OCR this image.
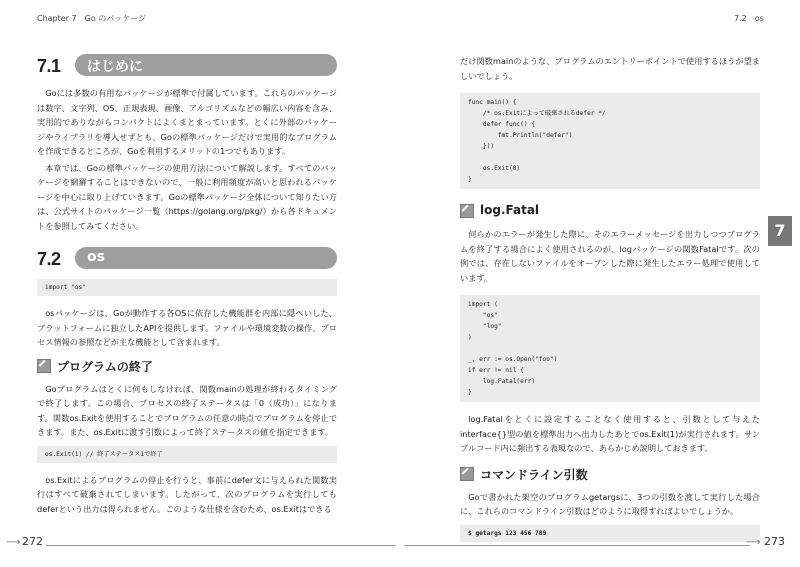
Chapter 7　Go のパッケージ	7.2　os
7.1 はじめに

Goには多数の有用なパッケージが標準で付属しています。これらのパッケージは数字、文字列、OS、正規表現、画像、アルゴリズムなどの幅広い内容を含み、実用的でありながらコンパクトによくまとまっています。とくに外部のパッケージやライブラリを導入せずとも、Goの標準パッケージだけで実用的なプログラムを作成できるところが、Goを利用するメリットの1つでもあります。

本章では、Goの標準パッケージの使用方法について解説します。すべてのパッケージを網羅することはできないので、一般に利用頻度が高いと思われるパッケージを中心に取り上げていきます。Goの標準パッケージ全体について知りたい方は、公式サイトのパッケージ一覧（https://golang.org/pkg/）から各ドキュメントを参照してみてください。

7.2 os
import "os"

osパッケージは、Goが動作する各OSに依存した機能群を内部に隠ぺいした、プラットフォームに独立したAPIを提供します。ファイルや環境変数の操作、プロセス情報の参照などが主な機能として含まれます。

プログラムの終了

Goプログラムはとくに何もしなければ、関数mainの処理が終わるタイミングで終了します。この場合、プロセスの終了ステータスは「0（成功）」になります。関数os.Exitを使用することでプログラムの任意の時点でプログラムを停止できます。また、os.Exitに渡す引数によって終了ステータスの値を指定できます。

os.Exit(1) // 終了ステータス1で終了

os.Exitによるプログラムの停止を行うと、事前にdefer文に与えられた関数実行はすべて破棄されてしまいます。したがって、次のプログラムを実行してもdeferという出力は得られません。このような仕様を含むため、os.Exitはできる

だけ関数mainのような、プログラムのエントリーポイントで使用するほうが望ましいでしょう。

func main() {
/* os.Exitによって破棄されるdefer */
defer func() {
fmt.Println("defer")
}()

os.Exit(0)
}
log.Fatal

何らかのエラーが発生した際に、そのエラーメッセージを出力しつつプログラムを終了する場合によく使用されるのが、logパッケージの関数Fatalです。次の例では、存在しないファイルをオープンした際に発生したエラー処理で使用しています。

import (
"os"
"log"
)

_, err := os.Open("foo")
if err != nil {
log.Fatal(err)
}

log.Fatalをとくに設定することなく使用すると、引数として与えたinterface{}型の値を標準出力へ出力したあとでos.Exit(1)が実行されます。サンプルコード内に頻出する表現なので、あらかじめ説明しておきます。

コマンドライン引数

Goで書かれた架空のプログラムgetargsに、3つの引数を渡して実行した場合に、これらのコマンドライン引数はどのように取得すればよいでしょうか。

$ getargs 123 456 789
7
⟶ 272	⟶ 273
